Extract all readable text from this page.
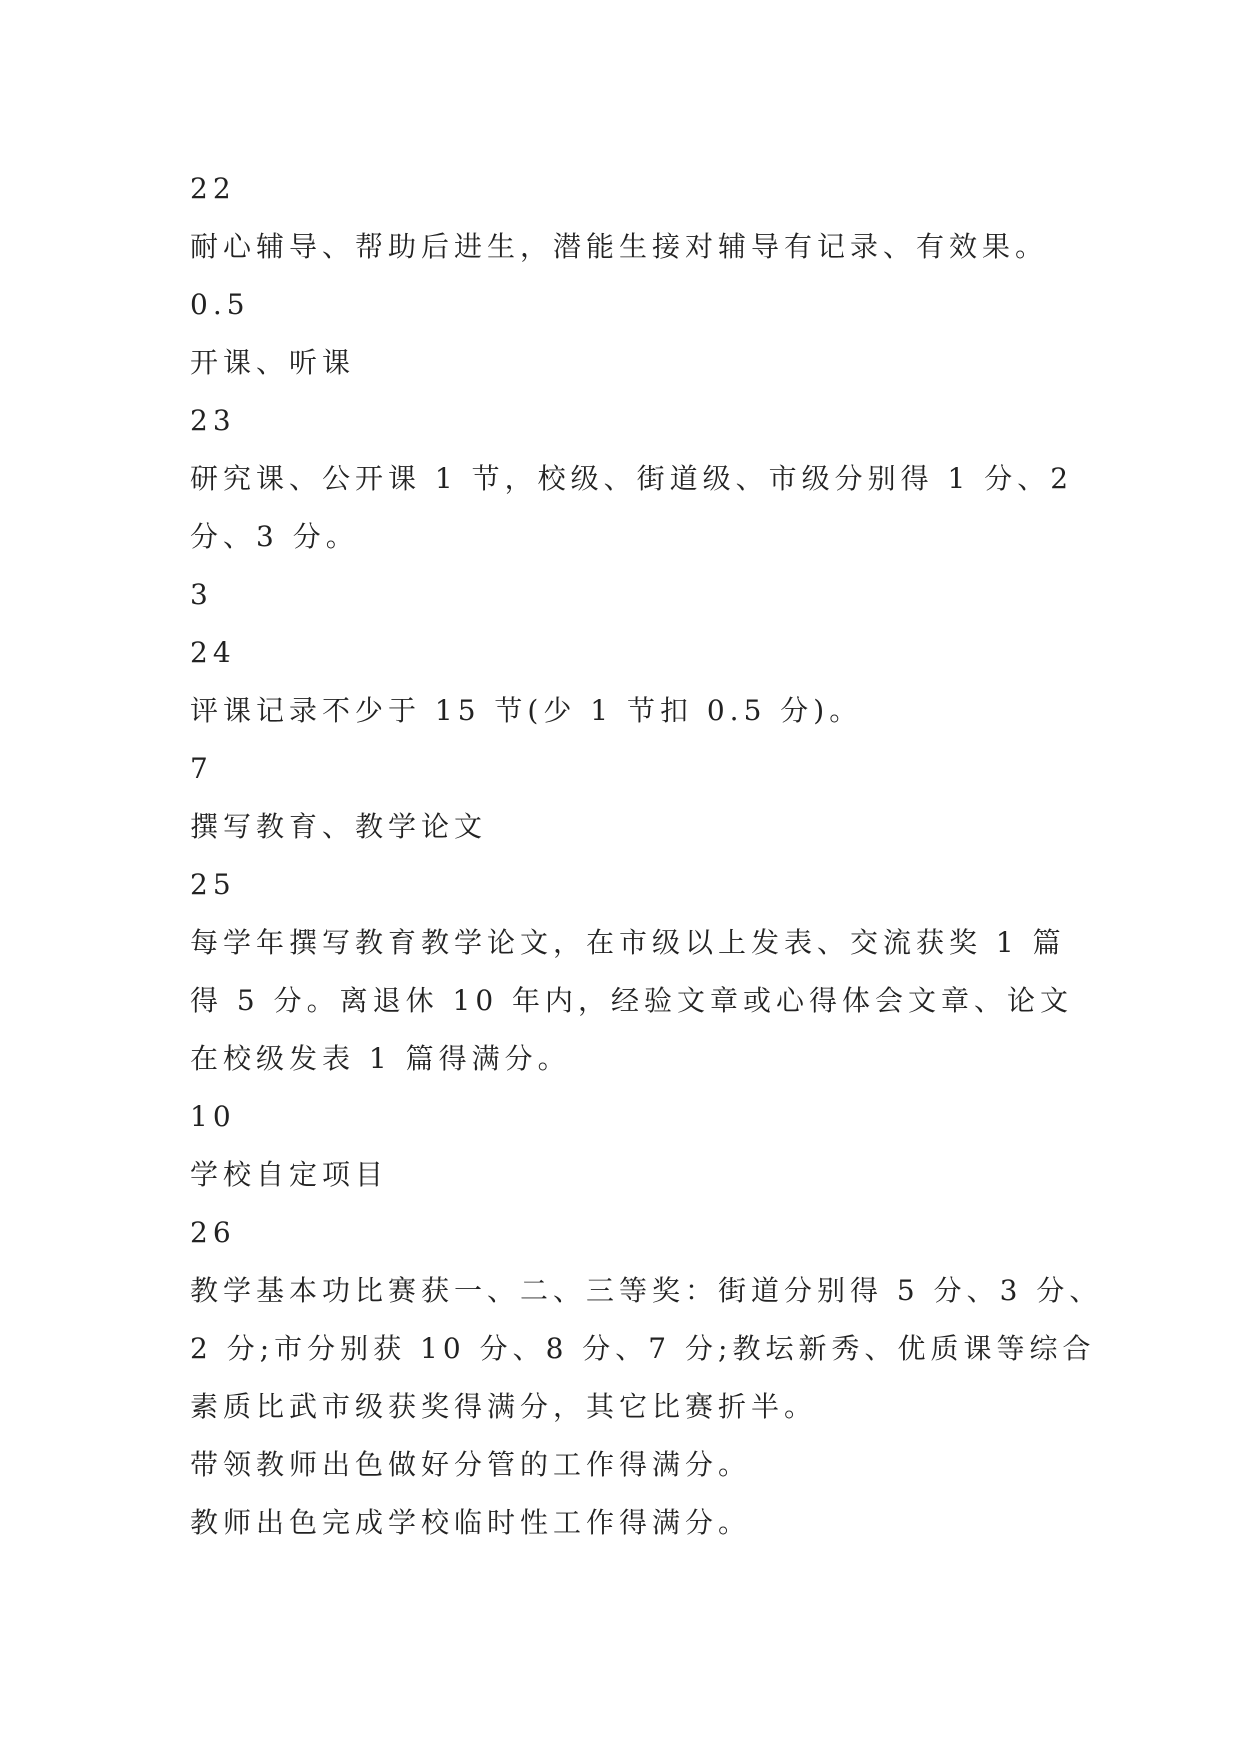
22
耐心辅导、帮助后进生，潜能生接对辅导有记录、有效果。
0.5
开课、听课
23
研究课、公开课 1 节，校级、街道级、市级分别得 1 分、2
分、3 分。
3
24
评课记录不少于 15 节(少 1 节扣 0.5 分)。
7
撰写教育、教学论文
25
每学年撰写教育教学论文，在市级以上发表、交流获奖 1 篇
得 5 分。离退休 10 年内，经验文章或心得体会文章、论文
在校级发表 1 篇得满分。
10
学校自定项目
26
教学基本功比赛获一、二、三等奖：街道分别得 5 分、3 分、
2 分;市分别获 10 分、8 分、7 分;教坛新秀、优质课等综合
素质比武市级获奖得满分，其它比赛折半。
带领教师出色做好分管的工作得满分。
教师出色完成学校临时性工作得满分。
